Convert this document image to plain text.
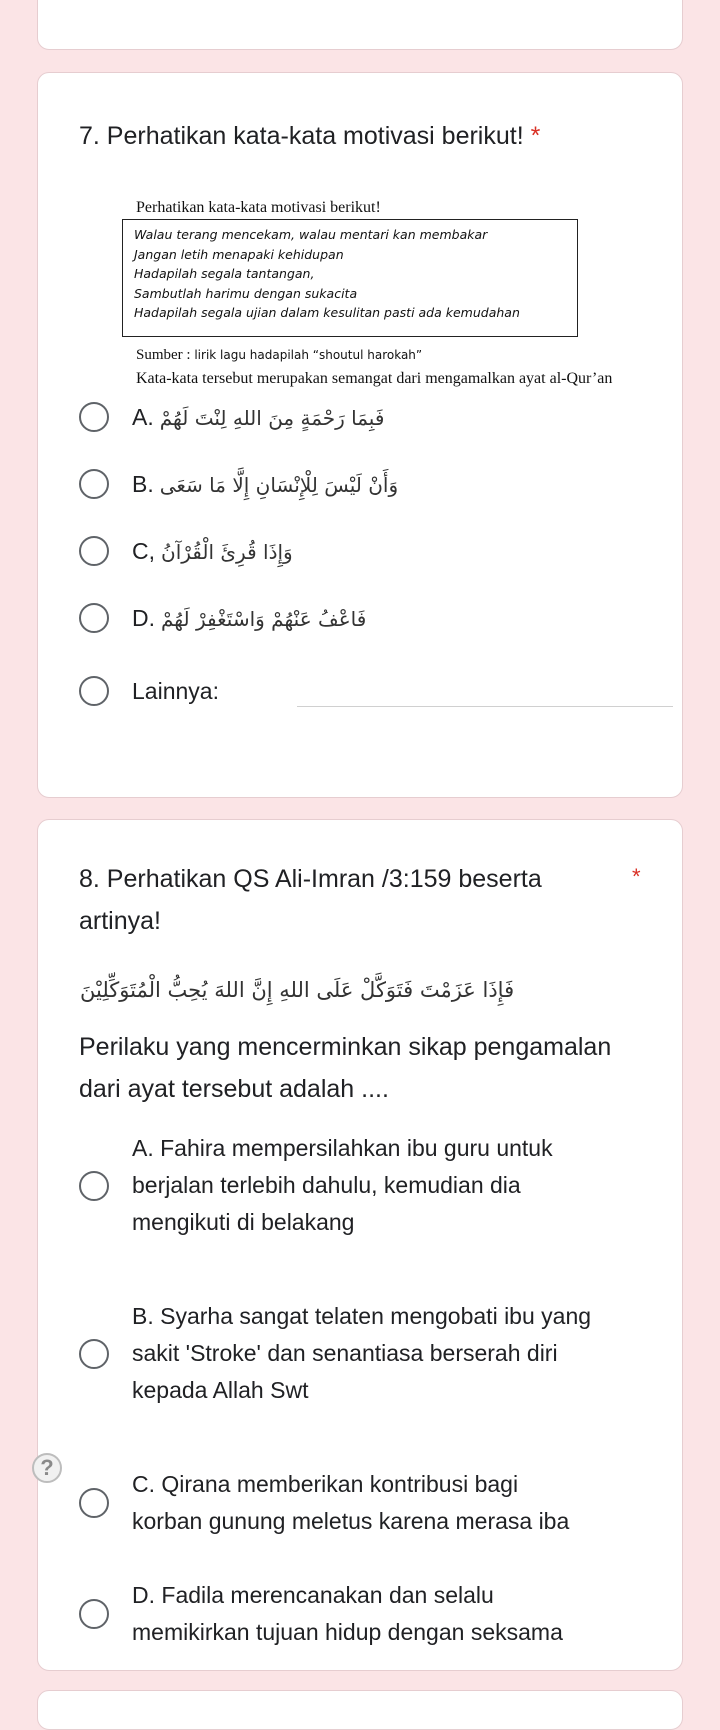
7. Perhatikan kata-kata motivasi berikut! *
Perhatikan kata-kata motivasi berikut!
Walau terang mencekam, walau mentari kan membakar
Jangan letih menapaki kehidupan
Hadapilah segala tantangan,
Sambutlah harimu dengan sukacita
Hadapilah segala ujian dalam kesulitan pasti ada kemudahan
Sumber : lirik lagu hadapilah “shoutul harokah”
Kata-kata tersebut merupakan semangat dari mengamalkan ayat al-Qur’an
A. فَبِمَا رَحْمَةٍ مِنَ اللهِ لِنْتَ لَهُمْ
B. وَأَنْ لَيْسَ لِلْإِنْسَانِ إِلَّا مَا سَعَى
C, وَإِذَا قُرِئَ الْقُرْآنُ
D. فَاعْفُ عَنْهُمْ وَاسْتَغْفِرْ لَهُمْ
Lainnya:
8. Perhatikan QS Ali-Imran /3:159 beserta
artinya!
*
فَإِذَا عَزَمْتَ فَتَوَكَّلْ عَلَى اللهِ إِنَّ اللهَ يُحِبُّ الْمُتَوَكِّلِيْنَ
Perilaku yang mencerminkan sikap pengamalan dari ayat tersebut adalah ....
A. Fahira mempersilahkan ibu guru untuk
berjalan terlebih dahulu, kemudian dia
mengikuti di belakang
B. Syarha sangat telaten mengobati ibu yang
sakit 'Stroke' dan senantiasa berserah diri
kepada Allah Swt
C. Qirana memberikan kontribusi bagi
korban gunung meletus karena merasa iba
D. Fadila merencanakan dan selalu
memikirkan tujuan hidup dengan seksama
?
